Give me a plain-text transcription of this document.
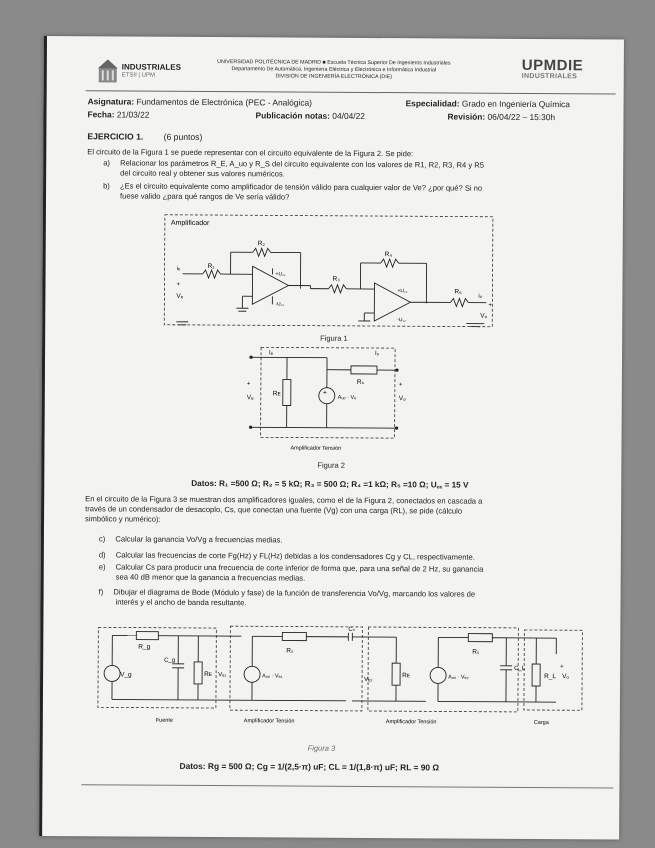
INDUSTRIALES
ETSII | UPM
UNIVERSIDAD POLITÉCNICA DE MADRID ■ Escuela Técnica Superior De Ingenieros Industriales
Departamento De Automática, Ingeniería Eléctrica y Electrónica e Informática Industrial
DIVISIÓN DE INGENIERÍA ELECTRÓNICA (DIE)
UPMDIE
INDUSTRIALES
Asignatura: Fundamentos de Electrónica (PEC - Analógica)	Especialidad: Grado en Ingeniería Química
Fecha: 21/03/22	Publicación notas: 04/04/22	Revisión: 06/04/22 – 15:30h
EJERCICIO 1. (6 puntos)
El circuito de la Figura 1 se puede representar con el circuito equivalente de la Figura 2. Se pide:
a) Relacionar los parámetros R_E, A_uo y R_S del circuito equivalente con los valores de R1, R2, R3, R4 y R5
del circuito real y obtener sus valores numéricos.
b) ¿Es el circuito equivalente como amplificador de tensión válido para cualquier valor de Ve? ¿por qué? Si no
fuese valido ¿para qué rangos de Ve sería válido?
Amplificador
R₂
R₁
R₃
R₄
R₅
iₑ
+
Vₑ	iₒ
+
Vₒ
+U꜀꜀
-U꜀꜀
+U꜀꜀
-U꜀꜀
Figura 1
Iₑ	Iₒ
Rᴇ
Rₛ
Aᵤₒ · Vₑ
+
Vₑ
+
Vₒ
+
Amplificador Tensión
Figura 2
Datos: R₁ =500 Ω; R₂ = 5 kΩ; R₃ = 500 Ω; R₄ =1 kΩ; R₅ =10 Ω; U꜀꜀ = 15 V
En el circuito de la Figura 3 se muestran dos amplificadores iguales, como el de la Figura 2, conectados en cascada a
través de un condensador de desacoplo, Cs, que conectan una fuente (Vg) con una carga (RL), se pide (cálculo
simbólico y numérico):
c) Calcular la ganancia Vo/Vg a frecuencias medias.
d) Calcular las frecuencias de corte Fg(Hz) y FL(Hz) debidas a los condensadores Cg y CL, respectivamente.
e) Calcular Cs para producir una frecuencia de corte inferior de forma que, para una señal de 2 Hz, su ganancia
sea 40 dB menor que la ganancia a frecuencias medias.
f) Dibujar el diagrama de Bode (Módulo y fase) de la función de transferencia Vo/Vg, marcando los valores de
interés y el ancho de banda resultante.
R_g
V_g
C_g
Rᴇ Vₑ₁
Rₛ
Aᵤₒ · Vₑ₁
Cₛ
Vₑ₂
Rᴇ
Rₛ
Aᵤₒ · Vₑ₂
C_L
R_L
+
Vₒ
Fuente	Amplificador Tensión	Amplificador Tensión	Carga
Figura 3
Datos: Rg = 500 Ω; Cg = 1/(2,5·π) uF; CL = 1/(1,8·π) uF; RL = 90 Ω
